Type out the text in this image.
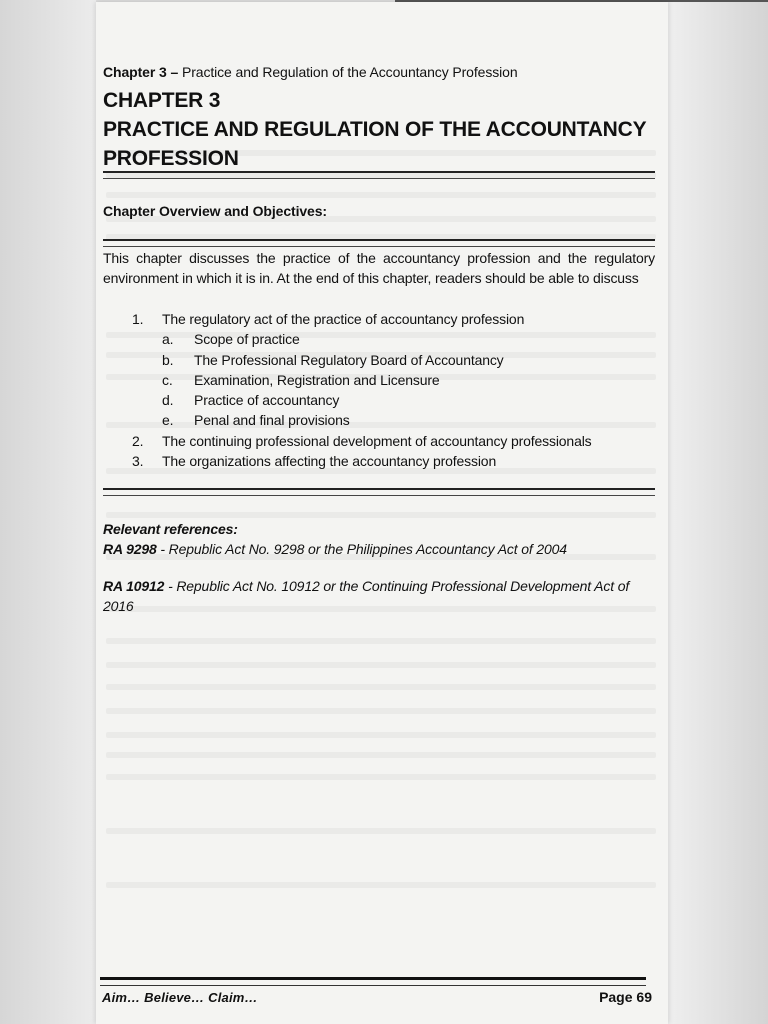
Chapter 3 – Practice and Regulation of the Accountancy Profession
CHAPTER 3
PRACTICE AND REGULATION OF THE ACCOUNTANCY
PROFESSION
Chapter Overview and Objectives:
This chapter discusses the practice of the accountancy profession and the regulatory environment in which it is in. At the end of this chapter, readers should be able to discuss
1. The regulatory act of the practice of accountancy profession
a. Scope of practice
b. The Professional Regulatory Board of Accountancy
c. Examination, Registration and Licensure
d. Practice of accountancy
e. Penal and final provisions
2. The continuing professional development of accountancy professionals
3. The organizations affecting the accountancy profession
Relevant references:
RA 9298 - Republic Act No. 9298 or the Philippines Accountancy Act of 2004
RA 10912 - Republic Act No. 10912 or the Continuing Professional Development Act of 2016
Aim… Believe… Claim…	Page 69
